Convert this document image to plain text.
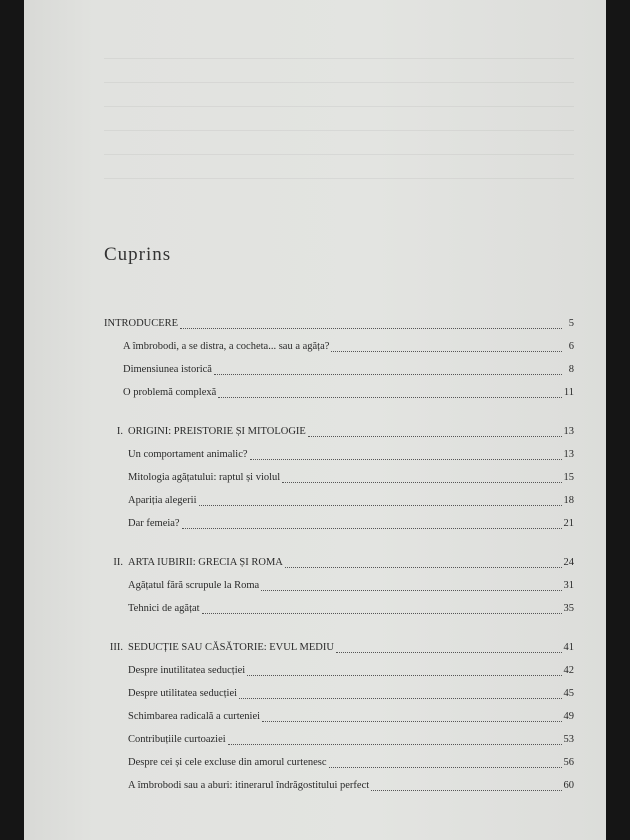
Cuprins
INTRODUCERE	5
A îmbrobodi, a se distra, a cocheta... sau a agăța?	6
Dimensiunea istorică	8
O problemă complexă	11
I. ORIGINI: PREISTORIE ȘI MITOLOGIE	13
Un comportament animalic?	13
Mitologia agățatului: raptul și violul	15
Apariția alegerii	18
Dar femeia?	21
II. ARTA IUBIRII: GRECIA ȘI ROMA	24
Agățatul fără scrupule la Roma	31
Tehnici de agățat	35
III. SEDUCȚIE SAU CĂSĂTORIE: EVUL MEDIU	41
Despre inutilitatea seducției	42
Despre utilitatea seducției	45
Schimbarea radicală a curteniei	49
Contribuțiile curtoaziei	53
Despre cei și cele excluse din amorul curtenesc	56
A îmbrobodi sau a aburi: itinerarul îndrăgostitului perfect	60
